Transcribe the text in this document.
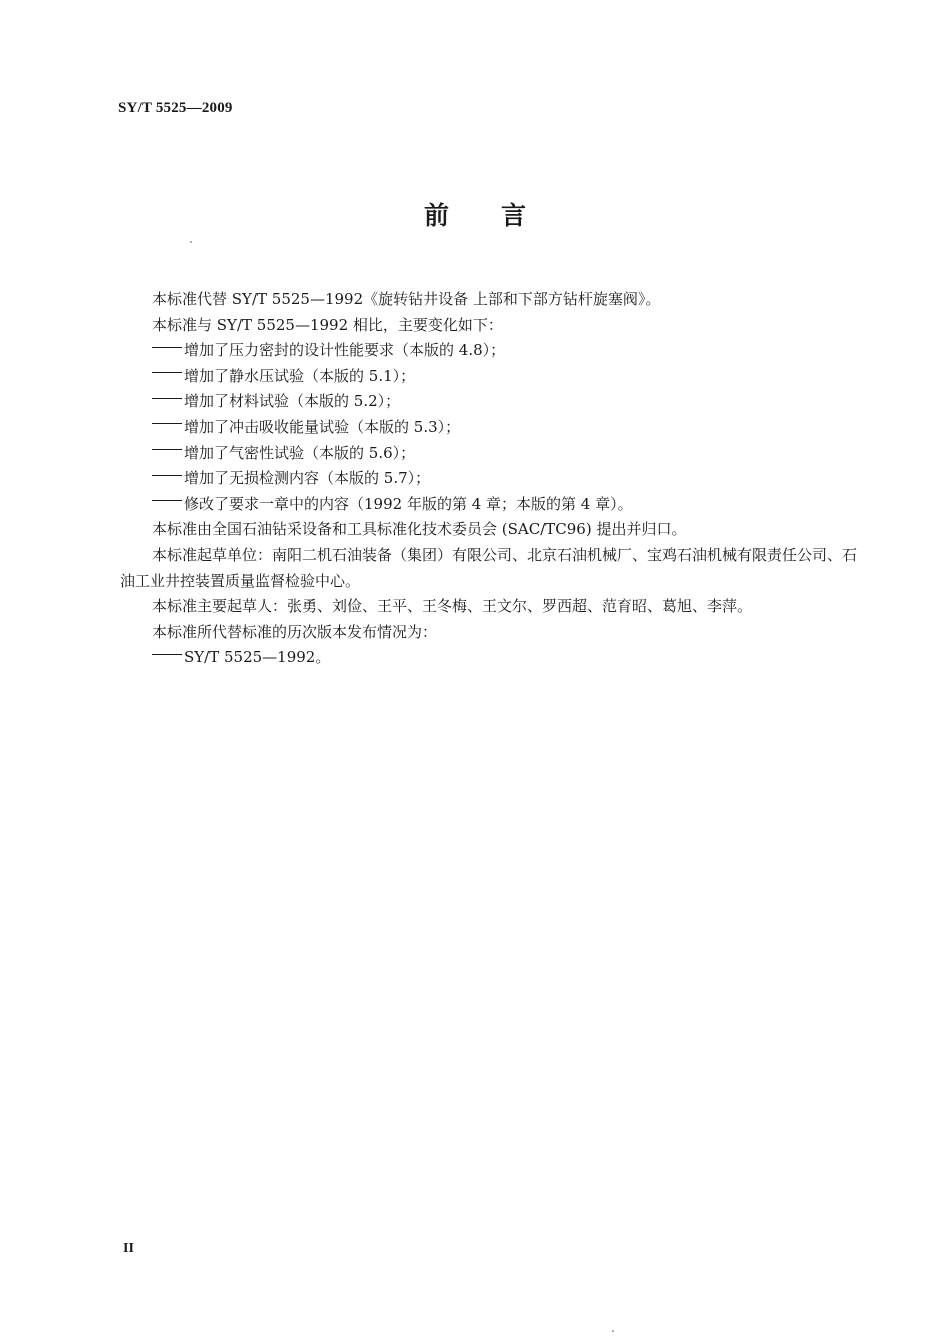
SY/T 5525—2009
前言

本标准代替 SY/T 5525—1992《旋转钻井设备 上部和下部方钻杆旋塞阀》。

本标准与 SY/T 5525—1992 相比，主要变化如下：

增加了压力密封的设计性能要求（本版的 4.8）；

增加了静水压试验（本版的 5.1）；

增加了材料试验（本版的 5.2）；

增加了冲击吸收能量试验（本版的 5.3）；

增加了气密性试验（本版的 5.6）；

增加了无损检测内容（本版的 5.7）；

修改了要求一章中的内容（1992 年版的第 4 章；本版的第 4 章）。

本标准由全国石油钻采设备和工具标准化技术委员会 (SAC/TC96) 提出并归口。

本标准起草单位：南阳二机石油装备（集团）有限公司、北京石油机械厂、宝鸡石油机械有限责任公司、石油工业井控装置质量监督检验中心。

本标准主要起草人：张勇、刘俭、王平、王冬梅、王文尔、罗西超、范育昭、葛旭、李萍。

本标准所代替标准的历次版本发布情况为：

SY/T 5525—1992。

II
